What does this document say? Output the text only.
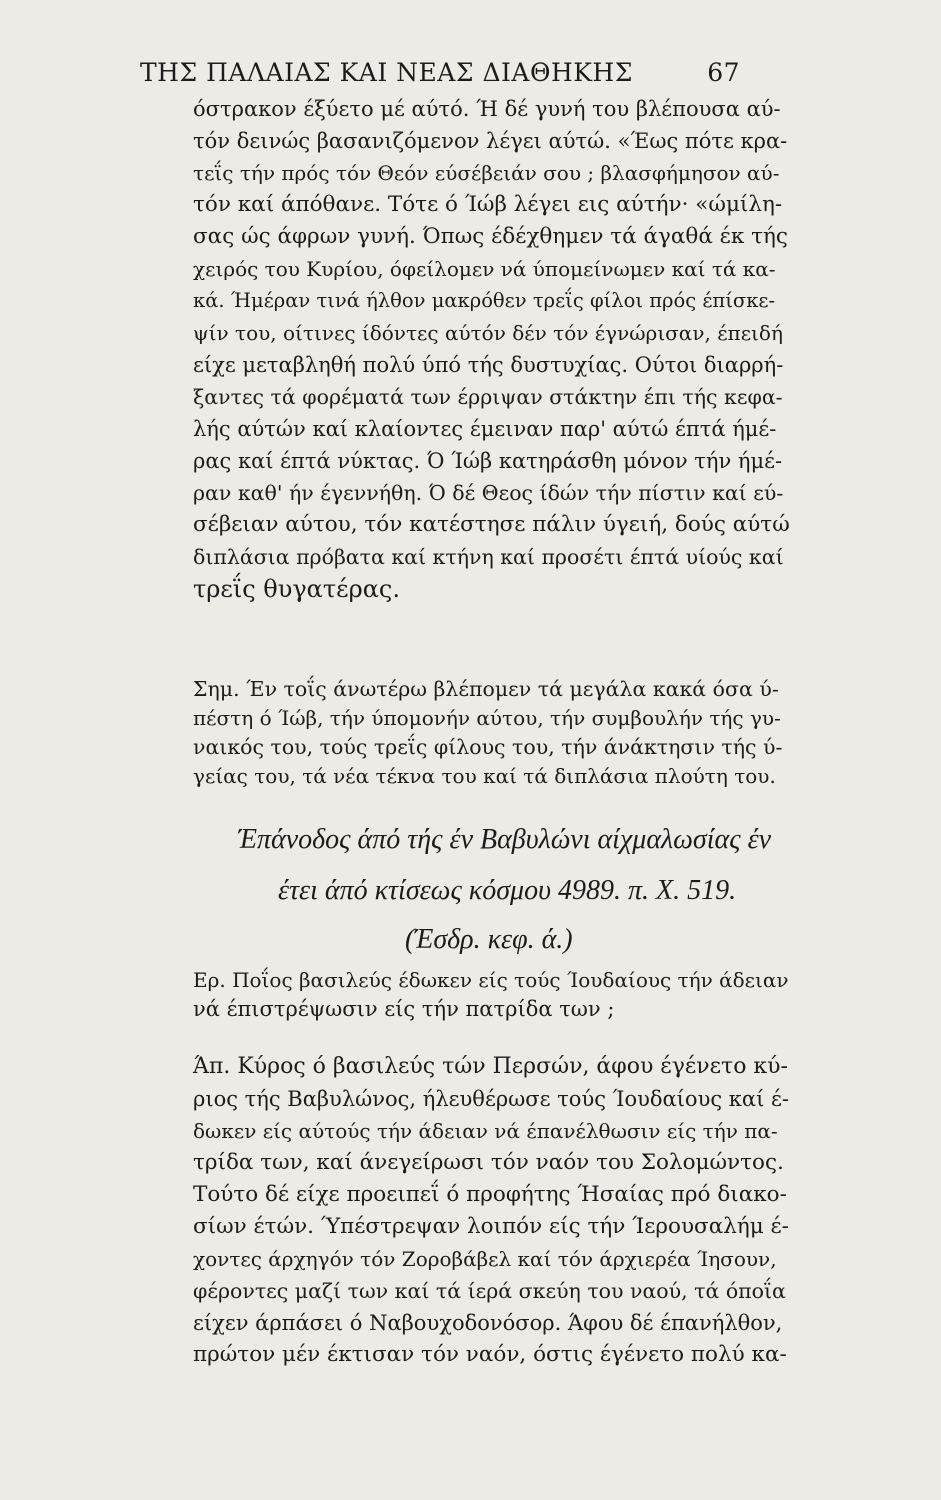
ΤΗΣ ΠΑΛΑΙΑΣ ΚΑΙ ΝΕΑΣ ΔΙΑΘΗΚΗΣ	67
όστρακον έξύετο μέ αύτό. Ή δέ γυνή του βλέπουσα αύ-
τόν δεινώς βασανιζόμενον λέγει αύτώ. «Έως πότε κρα-
τεΐς τήν πρός τόν Θεόν εύσέβειάν σου ; βλασφήμησον αύ-
τόν καί άπόθανε. Τότε ό Ίώβ λέγει εις αύτήν· «ώμίλη-
σας ώς άφρων γυνή. Όπως έδέχθημεν τά άγαθά έκ τής
χειρός του Κυρίου, όφείλομεν νά ύπομείνωμεν καί τά κα-
κά. Ήμέραν τινά ήλθον μακρόθεν τρεΐς φίλοι πρός έπίσκε-
ψίν του, οίτινες ίδόντες αύτόν δέν τόν έγνώρισαν, έπειδή
είχε μεταβληθή πολύ ύπό τής δυστυχίας. Ούτοι διαρρή-
ξαντες τά φορέματά των έρριψαν στάκτην έπι τής κεφα-
λής αύτών καί κλαίοντες έμειναν παρ' αύτώ έπτά ήμέ-
ρας καί έπτά νύκτας. Ό Ίώβ κατηράσθη μόνον τήν ήμέ-
ραν καθ' ήν έγεννήθη. Ό δέ Θεος ίδών τήν πίστιν καί εύ-
σέβειαν αύτου, τόν κατέστησε πάλιν ύγειή, δούς αύτώ
διπλάσια πρόβατα καί κτήνη καί προσέτι έπτά υίούς καί
τρεΐς θυγατέρας.
Σημ. Έν τοΐς άνωτέρω βλέπομεν τά μεγάλα κακά όσα ύ-
πέστη ό Ίώβ, τήν ύπομονήν αύτου, τήν συμβουλήν τής γυ-
ναικός του, τούς τρεΐς φίλους του, τήν άνάκτησιν τής ύ-
γείας του, τά νέα τέκνα του καί τά διπλάσια πλούτη του.
Έπάνοδος άπό τής έν Βαβυλώνι αίχμαλωσίας έν
έτει άπό κτίσεως κόσμου 4989. π. Χ. 519.
(Έσδρ. κεφ. ά.)
Ερ. Ποΐος βασιλεύς έδωκεν είς τούς Ίουδαίους τήν άδειαν
νά έπιστρέψωσιν είς τήν πατρίδα των ;
Άπ. Κύρος ό βασιλεύς τών Περσών, άφου έγένετο κύ-
ριος τής Βαβυλώνος, ήλευθέρωσε τούς Ίουδαίους καί έ-
δωκεν είς αύτούς τήν άδειαν νά έπανέλθωσιν είς τήν πα-
τρίδα των, καί άνεγείρωσι τόν ναόν του Σολομώντος.
Τούτο δέ είχε προειπεΐ ό προφήτης Ήσαίας πρό διακο-
σίων έτών. Ύπέστρεψαν λοιπόν είς τήν Ίερουσαλήμ έ-
χοντες άρχηγόν τόν Ζοροβάβελ καί τόν άρχιερέα Ίησουν,
φέροντες μαζί των καί τά ίερά σκεύη του ναού, τά όποΐα
είχεν άρπάσει ό Ναβουχοδονόσορ. Άφου δέ έπανήλθον,
πρώτον μέν έκτισαν τόν ναόν, όστις έγένετο πολύ κα-
